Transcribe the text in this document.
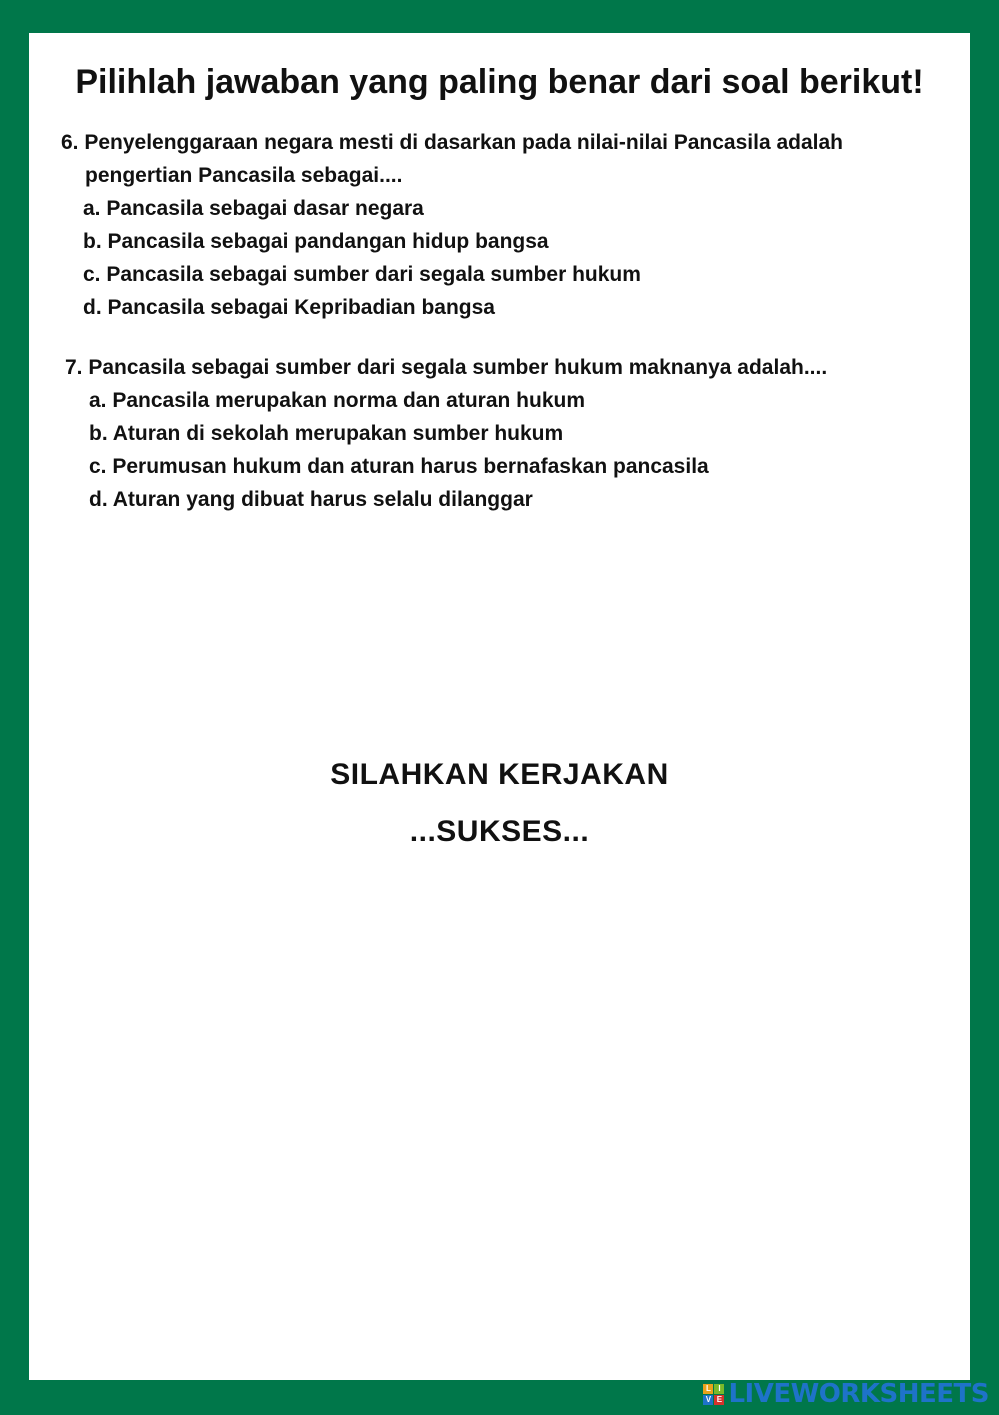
Pilihlah jawaban yang paling benar dari soal berikut!
6. Penyelenggaraan negara mesti di dasarkan pada nilai-nilai Pancasila adalah
pengertian Pancasila sebagai....
a. Pancasila sebagai dasar negara
b. Pancasila sebagai pandangan hidup bangsa
c. Pancasila sebagai sumber dari segala sumber hukum
d. Pancasila sebagai Kepribadian bangsa
7. Pancasila sebagai sumber dari segala sumber hukum maknanya adalah....
a. Pancasila merupakan norma dan aturan hukum
b. Aturan di sekolah merupakan sumber hukum
c. Perumusan hukum dan aturan harus bernafaskan pancasila
d. Aturan yang dibuat harus selalu dilanggar
SILAHKAN KERJAKAN
...SUKSES...
L I
V E LIVEWORKSHEETS
